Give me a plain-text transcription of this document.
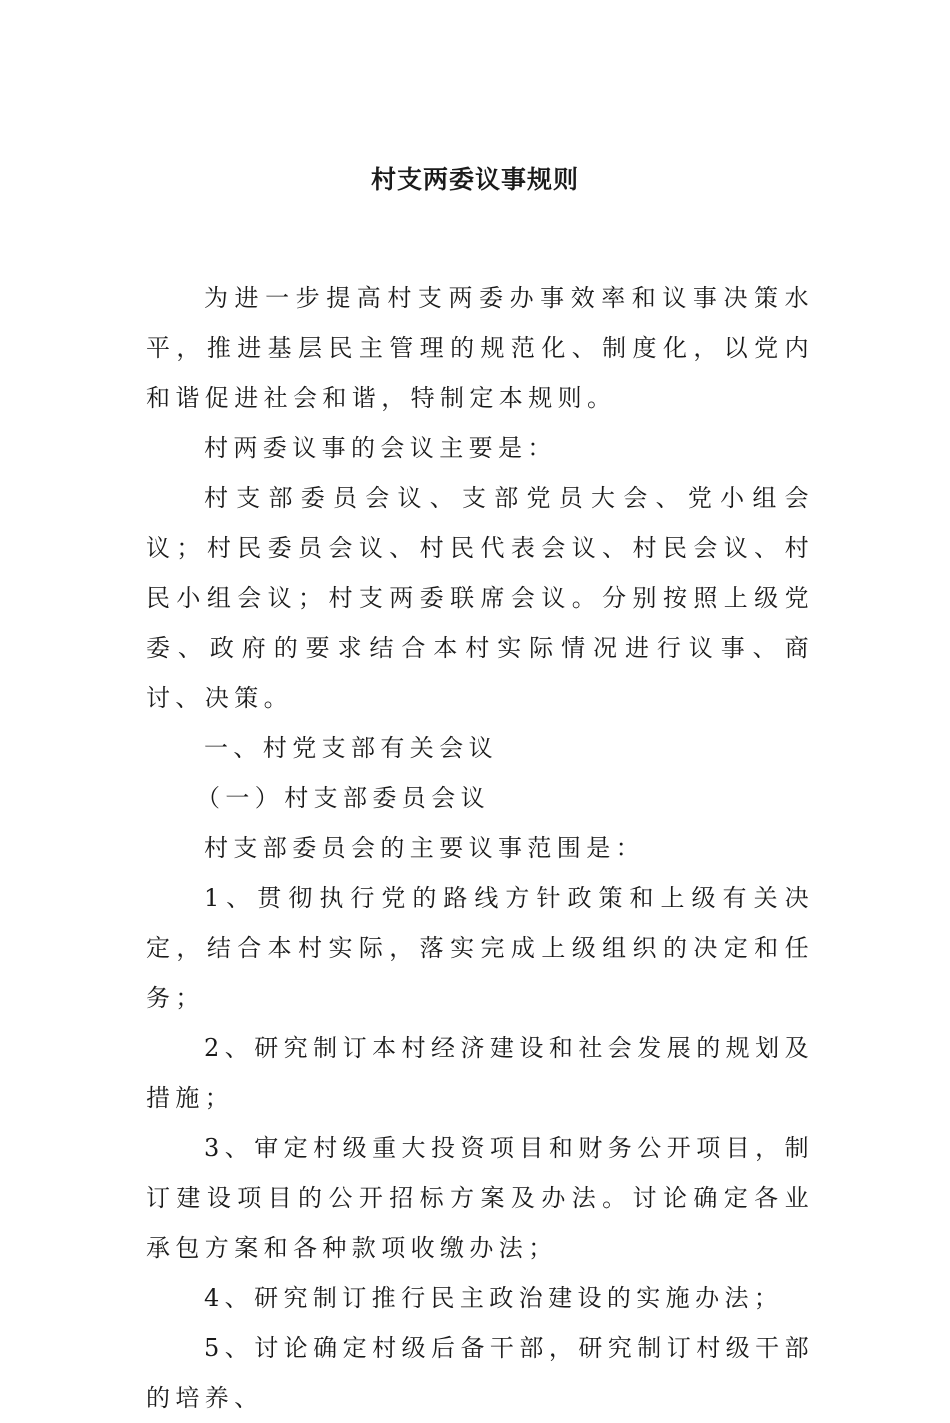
村支两委议事规则

为进一步提高村支两委办事效率和议事决策水平，推进基层民主管理的规范化、制度化，以党内和谐促进社会和谐，特制定本规则。

村两委议事的会议主要是：

村支部委员会议、支部党员大会、党小组会议；村民委员会议、村民代表会议、村民会议、村民小组会议；村支两委联席会议。分别按照上级党委、政府的要求结合本村实际情况进行议事、商讨、决策。

一、村党支部有关会议

（一）村支部委员会议

村支部委员会的主要议事范围是：

1、贯彻执行党的路线方针政策和上级有关决定，结合本村实际，落实完成上级组织的决定和任务；

2、研究制订本村经济建设和社会发展的规划及措施；

3、审定村级重大投资项目和财务公开项目，制订建设项目的公开招标方案及办法。讨论确定各业承包方案和各种款项收缴办法；

4、研究制订推行民主政治建设的实施办法；

5、讨论确定村级后备干部，研究制订村级干部的培养、
